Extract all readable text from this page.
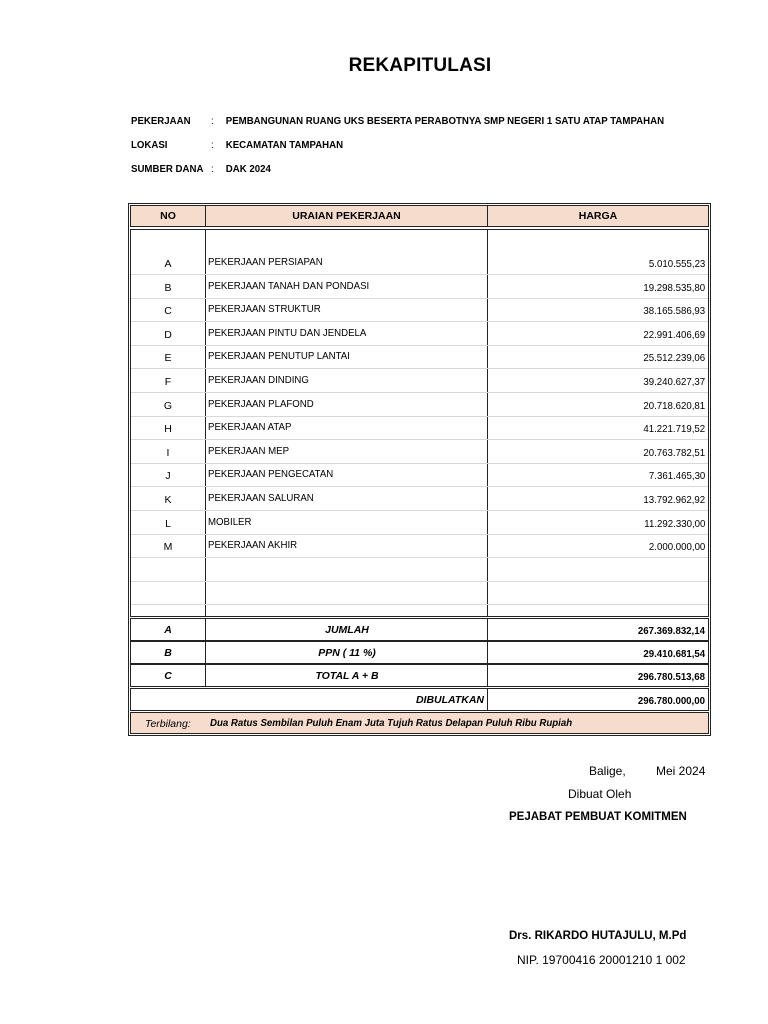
REKAPITULASI
PEKERJAAN : PEMBANGUNAN RUANG UKS BESERTA PERABOTNYA SMP NEGERI 1 SATU ATAP TAMPAHAN
LOKASI	: KECAMATAN TAMPAHAN
SUMBER DANA : DAK 2024
NO	URAIAN PEKERJAAN	HARGA
A	PEKERJAAN PERSIAPAN	5.010.555,23
B	PEKERJAAN TANAH DAN PONDASI	19.298.535,80
C	PEKERJAAN STRUKTUR	38.165.586,93
D	PEKERJAAN PINTU DAN JENDELA	22.991.406,69
E	PEKERJAAN PENUTUP LANTAI	25.512.239,06
F	PEKERJAAN DINDING	39.240.627,37
G	PEKERJAAN PLAFOND	20.718.620,81
H	PEKERJAAN ATAP	41.221.719,52
I	PEKERJAAN MEP	20.763.782,51
J	PEKERJAAN PENGECATAN	7.361.465,30
K	PEKERJAAN SALURAN	13.792.962,92
L	MOBILER	11.292.330,00
M	PEKERJAAN AKHIR	2.000.000,00
A	JUMLAH	267.369.832,14
B	PPN ( 11 %)	29.410.681,54
C	TOTAL A + B	296.780.513,68
DIBULATKAN	296.780.000,00
Terbilang: Dua Ratus Sembilan Puluh Enam Juta Tujuh Ratus Delapan Puluh Ribu Rupiah
Balige,	Mei 2024
Dibuat Oleh
PEJABAT PEMBUAT KOMITMEN
Drs. RIKARDO HUTAJULU, M.Pd
NIP. 19700416 20001210 1 002
